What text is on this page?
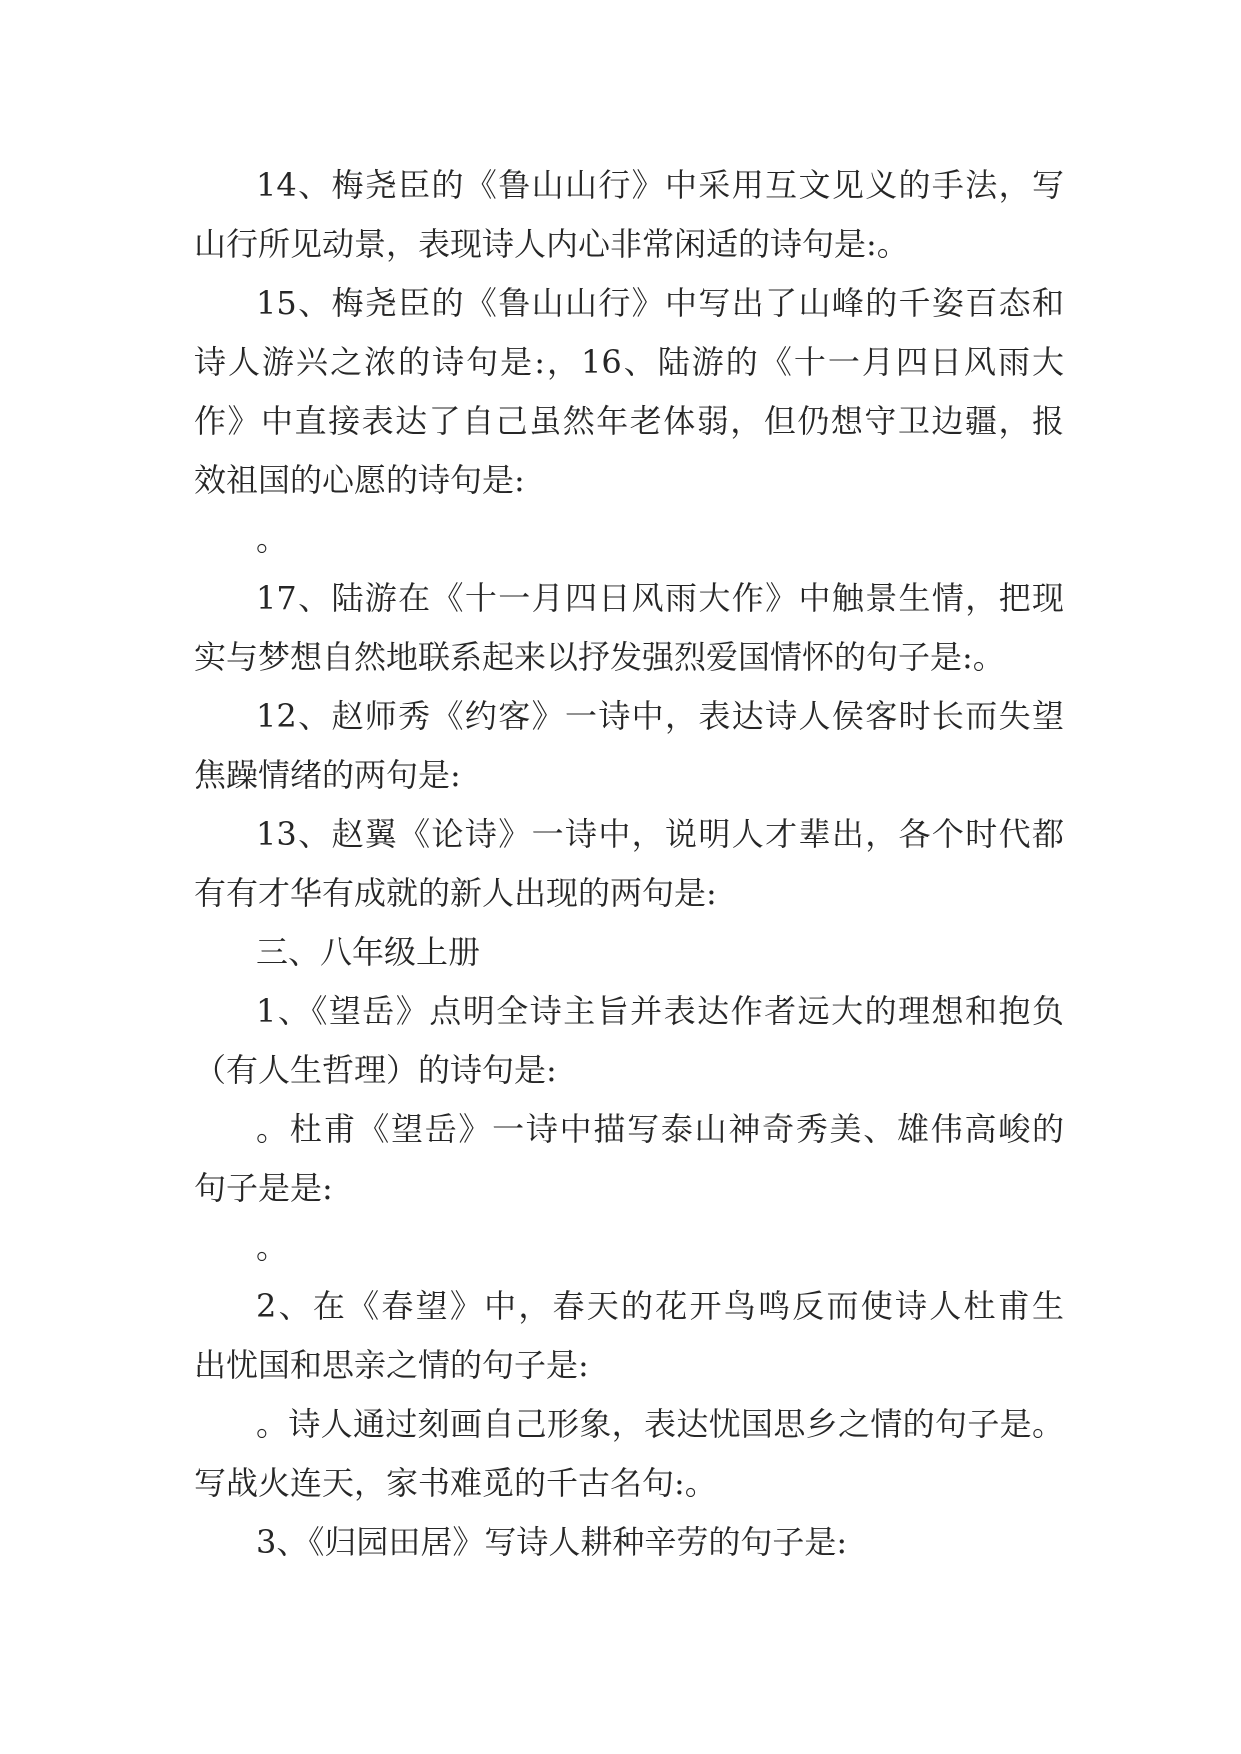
14、梅尧臣的《鲁山山行》中采用互文见义的手法，写
山行所见动景，表现诗人内心非常闲适的诗句是:。
15、梅尧臣的《鲁山山行》中写出了山峰的千姿百态和
诗人游兴之浓的诗句是:，16、陆游的《十一月四日风雨大
作》中直接表达了自己虽然年老体弱，但仍想守卫边疆，报
效祖国的心愿的诗句是:
。
17、陆游在《十一月四日风雨大作》中触景生情，把现
实与梦想自然地联系起来以抒发强烈爱国情怀的句子是:。
12、赵师秀《约客》一诗中，表达诗人侯客时长而失望
焦躁情绪的两句是:
13、赵翼《论诗》一诗中，说明人才辈出，各个时代都
有有才华有成就的新人出现的两句是:
三、八年级上册
1、《望岳》点明全诗主旨并表达作者远大的理想和抱负
（有人生哲理）的诗句是:
。杜甫《望岳》一诗中描写泰山神奇秀美、雄伟高峻的
句子是是:
。
2、在《春望》中，春天的花开鸟鸣反而使诗人杜甫生
出忧国和思亲之情的句子是:
。诗人通过刻画自己形象，表达忧国思乡之情的句子是。
写战火连天，家书难觅的千古名句:。
3、《归园田居》写诗人耕种辛劳的句子是:
